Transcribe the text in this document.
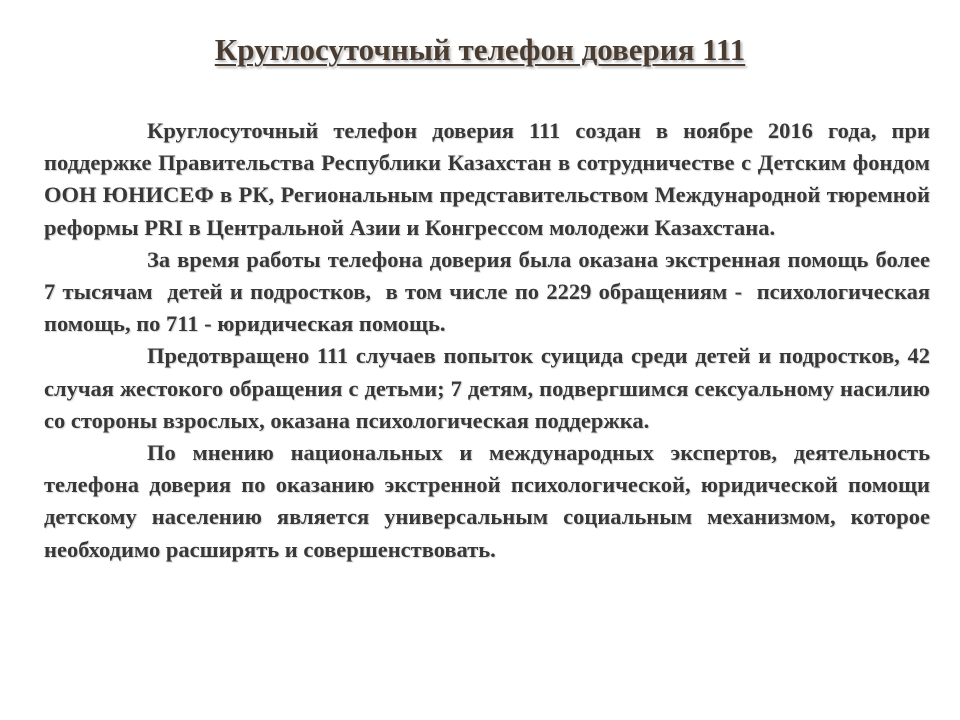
Круглосуточный телефон доверия 111

Круглосуточный телефон доверия 111 создан в ноябре 2016 года, при поддержке Правительства Республики Казахстан в сотрудничестве с Детским фондом ООН ЮНИСЕФ в РК, Региональным представительством Международной тюремной реформы PRI в Центральной Азии и Конгрессом молодежи Казахстана.

За время работы телефона доверия была оказана экстренная помощь более 7 тысячам  детей и подростков,  в том числе по 2229 обращениям -  психологическая помощь, по 711 - юридическая помощь.

Предотвращено 111 случаев попыток суицида среди детей и подростков, 42 случая жестокого обращения с детьми; 7 детям, подвергшимся сексуальному насилию со стороны взрослых, оказана психологическая поддержка.

По мнению национальных и международных экспертов, деятельность телефона доверия по оказанию экстренной психологической, юридической помощи детскому населению является универсальным социальным механизмом, которое необходимо расширять и совершенствовать.
